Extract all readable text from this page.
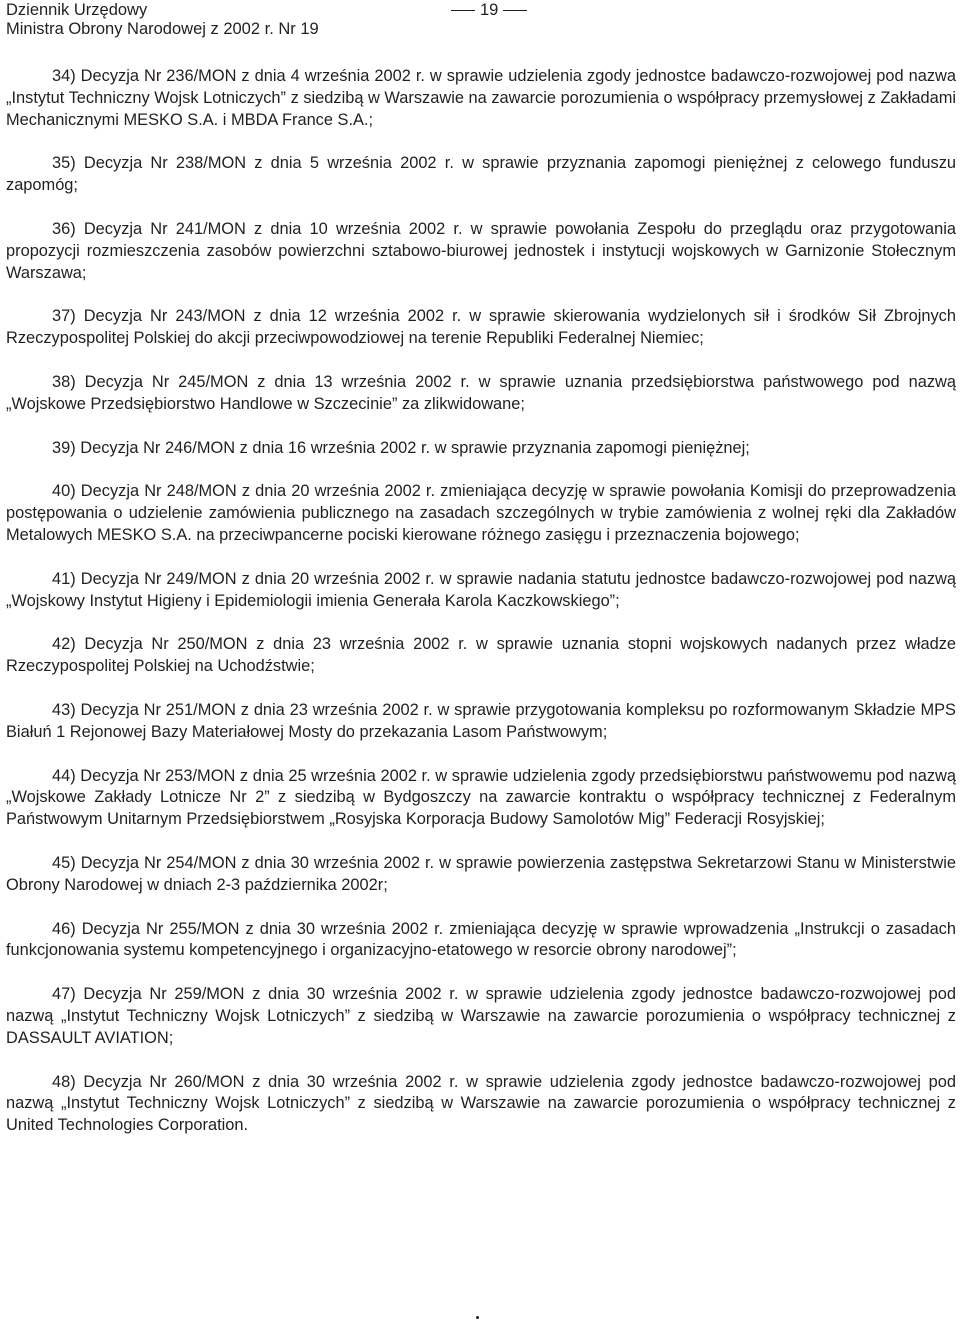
Dziennik Urzędowy
Ministra Obrony Narodowej z 2002 r. Nr 19
19

34) Decyzja Nr 236/MON z dnia 4 września 2002 r. w sprawie udzielenia zgody jednostce badawczo-rozwojowej pod nazwa „Instytut Techniczny Wojsk Lotniczych” z siedzibą w Warszawie na zawarcie porozumienia o współpracy przemysłowej z Zakładami Mechanicznymi MESKO S.A. i MBDA France S.A.;

35) Decyzja Nr 238/MON z dnia 5 września 2002 r. w sprawie przyznania zapomogi pieniężnej z celowego funduszu zapomóg;

36) Decyzja Nr 241/MON z dnia 10 września 2002 r. w sprawie powołania Zespołu do przeglądu oraz przygotowania propozycji rozmieszczenia zasobów powierzchni sztabowo-biurowej jednostek i instytucji wojskowych w Garnizonie Stołecznym Warszawa;

37) Decyzja Nr 243/MON z dnia 12 września 2002 r. w sprawie skierowania wydzielonych sił i środków Sił Zbrojnych Rzeczypospolitej Polskiej do akcji przeciwpowodziowej na terenie Republiki Federalnej Niemiec;

38) Decyzja Nr 245/MON z dnia 13 września 2002 r. w sprawie uznania przedsiębiorstwa państwowego pod nazwą „Wojskowe Przedsiębiorstwo Handlowe w Szczecinie” za zlikwidowane;

39) Decyzja Nr 246/MON z dnia 16 września 2002 r. w sprawie przyznania zapomogi pieniężnej;

40) Decyzja Nr 248/MON z dnia 20 września 2002 r. zmieniająca decyzję w sprawie powołania Komisji do przeprowadzenia postępowania o udzielenie zamówienia publicznego na zasadach szczególnych w trybie zamówienia z wolnej ręki dla Zakładów Metalowych MESKO S.A. na przeciwpancerne pociski kierowane różnego zasięgu i przeznaczenia bojowego;

41) Decyzja Nr 249/MON z dnia 20 września 2002 r. w sprawie nadania statutu jednostce badawczo-rozwojowej pod nazwą „Wojskowy Instytut Higieny i Epidemiologii imienia Generała Karola Kaczkowskiego”;

42) Decyzja Nr 250/MON z dnia 23 września 2002 r. w sprawie uznania stopni wojskowych nadanych przez władze Rzeczypospolitej Polskiej na Uchodźstwie;

43) Decyzja Nr 251/MON z dnia 23 września 2002 r. w sprawie przygotowania kompleksu po rozformowanym Składzie MPS Białuń 1 Rejonowej Bazy Materiałowej Mosty do przekazania Lasom Państwowym;

44) Decyzja Nr 253/MON z dnia 25 września 2002 r. w sprawie udzielenia zgody przedsiębiorstwu państwowemu pod nazwą „Wojskowe Zakłady Lotnicze Nr 2” z siedzibą w Bydgoszczy na zawarcie kontraktu o współpracy technicznej z Federalnym Państwowym Unitarnym Przedsiębiorstwem „Rosyjska Korporacja Budowy Samolotów Mig” Federacji Rosyjskiej;

45) Decyzja Nr 254/MON z dnia 30 września 2002 r. w sprawie powierzenia zastępstwa Sekretarzowi Stanu w Ministerstwie Obrony Narodowej w dniach 2-3 października 2002r;

46) Decyzja Nr 255/MON z dnia 30 września 2002 r. zmieniająca decyzję w sprawie wprowadzenia „Instrukcji o zasadach funkcjonowania systemu kompetencyjnego i organizacyjno-etatowego w resorcie obrony narodowej”;

47) Decyzja Nr 259/MON z dnia 30 września 2002 r. w sprawie udzielenia zgody jednostce badawczo-rozwojowej pod nazwą „Instytut Techniczny Wojsk Lotniczych” z siedzibą w Warszawie na zawarcie porozumienia o współpracy technicznej z DASSAULT AVIATION;

48) Decyzja Nr 260/MON z dnia 30 września 2002 r. w sprawie udzielenia zgody jednostce badawczo-rozwojowej pod nazwą „Instytut Techniczny Wojsk Lotniczych” z siedzibą w Warszawie na zawarcie porozumienia o współpracy technicznej z United Technologies Corporation.
